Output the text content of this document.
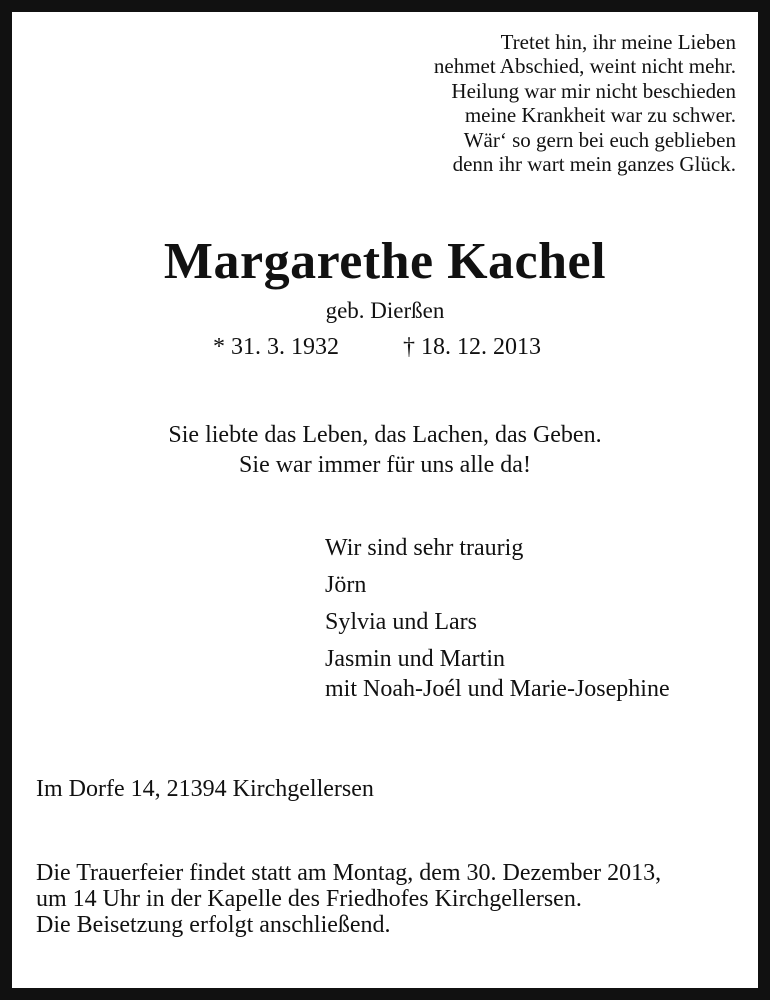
Tretet hin, ihr meine Lieben
nehmet Abschied, weint nicht mehr.
Heilung war mir nicht beschieden
meine Krankheit war zu schwer.
Wär‘ so gern bei euch geblieben
denn ihr wart mein ganzes Glück.
Margarethe Kachel
geb. Dierßen
* 31. 3. 1932	† 18. 12. 2013
Sie liebte das Leben, das Lachen, das Geben.
Sie war immer für uns alle da!
Wir sind sehr traurig
Jörn
Sylvia und Lars
Jasmin und Martin
mit Noah-Joél und Marie-Josephine
Im Dorfe 14, 21394 Kirchgellersen
Die Trauerfeier findet statt am Montag, dem 30. Dezember 2013,
um 14 Uhr in der Kapelle des Friedhofes Kirchgellersen.
Die Beisetzung erfolgt anschließend.
